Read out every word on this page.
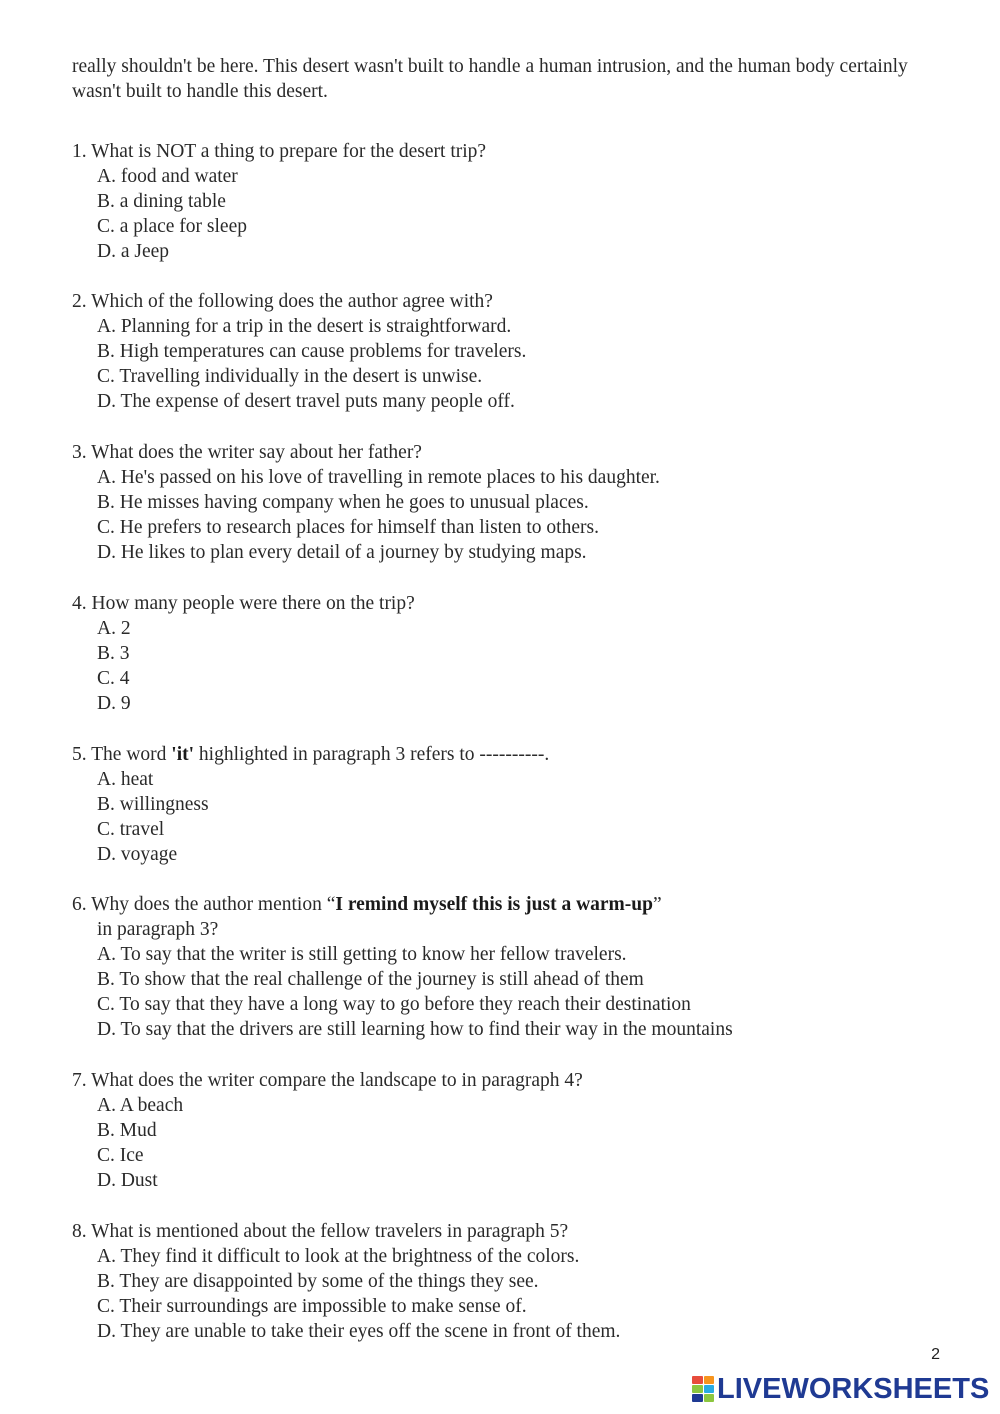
really shouldn't be here. This desert wasn't built to handle a human intrusion, and the human body certainly wasn't built to handle this desert.

1. What is NOT a thing to prepare for the desert trip?

A. food and water

B. a dining table

C. a place for sleep

D. a Jeep

2. Which of the following does the author agree with?

A. Planning for a trip in the desert is straightforward.

B. High temperatures can cause problems for travelers.

C. Travelling individually in the desert is unwise.

D. The expense of desert travel puts many people off.

3. What does the writer say about her father?

A. He's passed on his love of travelling in remote places to his daughter.

B. He misses having company when he goes to unusual places.

C. He prefers to research places for himself than listen to others.

D. He likes to plan every detail of a journey by studying maps.

4. How many people were there on the trip?

A. 2

B. 3

C. 4

D. 9

5. The word 'it' highlighted in paragraph 3 refers to ----------.

A. heat

B. willingness

C. travel

D. voyage

6. Why does the author mention “I remind myself this is just a warm-up”

in paragraph 3?

A. To say that the writer is still getting to know her fellow travelers.

B. To show that the real challenge of the journey is still ahead of them

C. To say that they have a long way to go before they reach their destination

D. To say that the drivers are still learning how to find their way in the mountains

7. What does the writer compare the landscape to in paragraph 4?

A. A beach

B. Mud

C. Ice

D. Dust

8. What is mentioned about the fellow travelers in paragraph 5?

A. They find it difficult to look at the brightness of the colors.

B. They are disappointed by some of the things they see.

C. Their surroundings are impossible to make sense of.

D. They are unable to take their eyes off the scene in front of them.

2
LIVEWORKSHEETS
